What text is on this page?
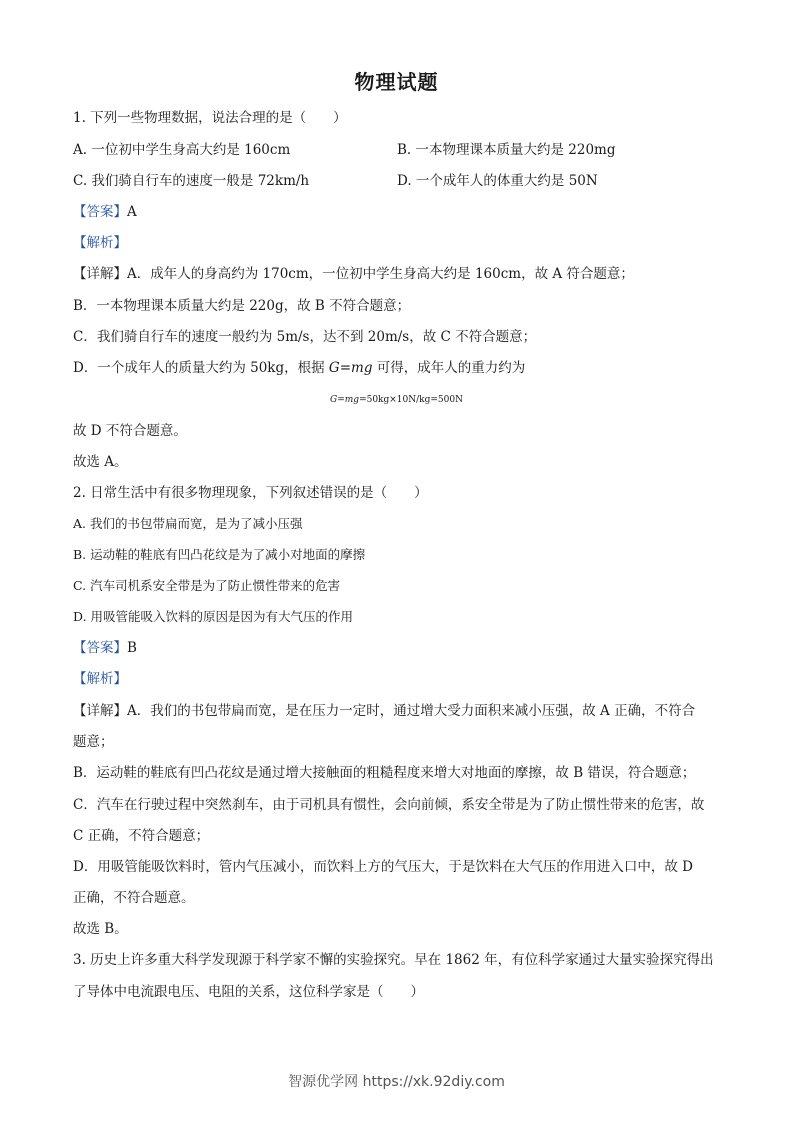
物理试题
1. 下列一些物理数据，说法合理的是（　　）
A. 一位初中学生身高大约是 160cm	B. 一本物理课本质量大约是 220mg
C. 我们骑自行车的速度一般是 72km/h	D. 一个成年人的体重大约是 50N
【答案】A
【解析】
【详解】A．成年人的身高约为 170cm，一位初中学生身高大约是 160cm，故 A 符合题意；
B．一本物理课本质量大约是 220g，故 B 不符合题意；
C．我们骑自行车的速度一般约为 5m/s，达不到 20m/s，故 C 不符合题意；
D．一个成年人的质量大约为 50kg，根据 G=mg 可得，成年人的重力约为
G=mg=50kg×10N/kg=500N
故 D 不符合题意。
故选 A。
2. 日常生活中有很多物理现象，下列叙述错误的是（　　）
A. 我们的书包带扁而宽，是为了减小压强
B. 运动鞋的鞋底有凹凸花纹是为了减小对地面的摩擦
C. 汽车司机系安全带是为了防止惯性带来的危害
D. 用吸管能吸入饮料的原因是因为有大气压的作用
【答案】B
【解析】
【详解】A．我们的书包带扁而宽，是在压力一定时，通过增大受力面积来减小压强，故 A 正确，不符合
题意；
B．运动鞋的鞋底有凹凸花纹是通过增大接触面的粗糙程度来增大对地面的摩擦，故 B 错误，符合题意；
C．汽车在行驶过程中突然刹车，由于司机具有惯性，会向前倾，系安全带是为了防止惯性带来的危害，故
C 正确，不符合题意；
D．用吸管能吸饮料时，管内气压减小，而饮料上方的气压大，于是饮料在大气压的作用进入口中，故 D
正确，不符合题意。
故选 B。
3. 历史上许多重大科学发现源于科学家不懈的实验探究。早在 1862 年，有位科学家通过大量实验探究得出
了导体中电流跟电压、电阻的关系，这位科学家是（　　）
智源优学网 https://xk.92diy.com
